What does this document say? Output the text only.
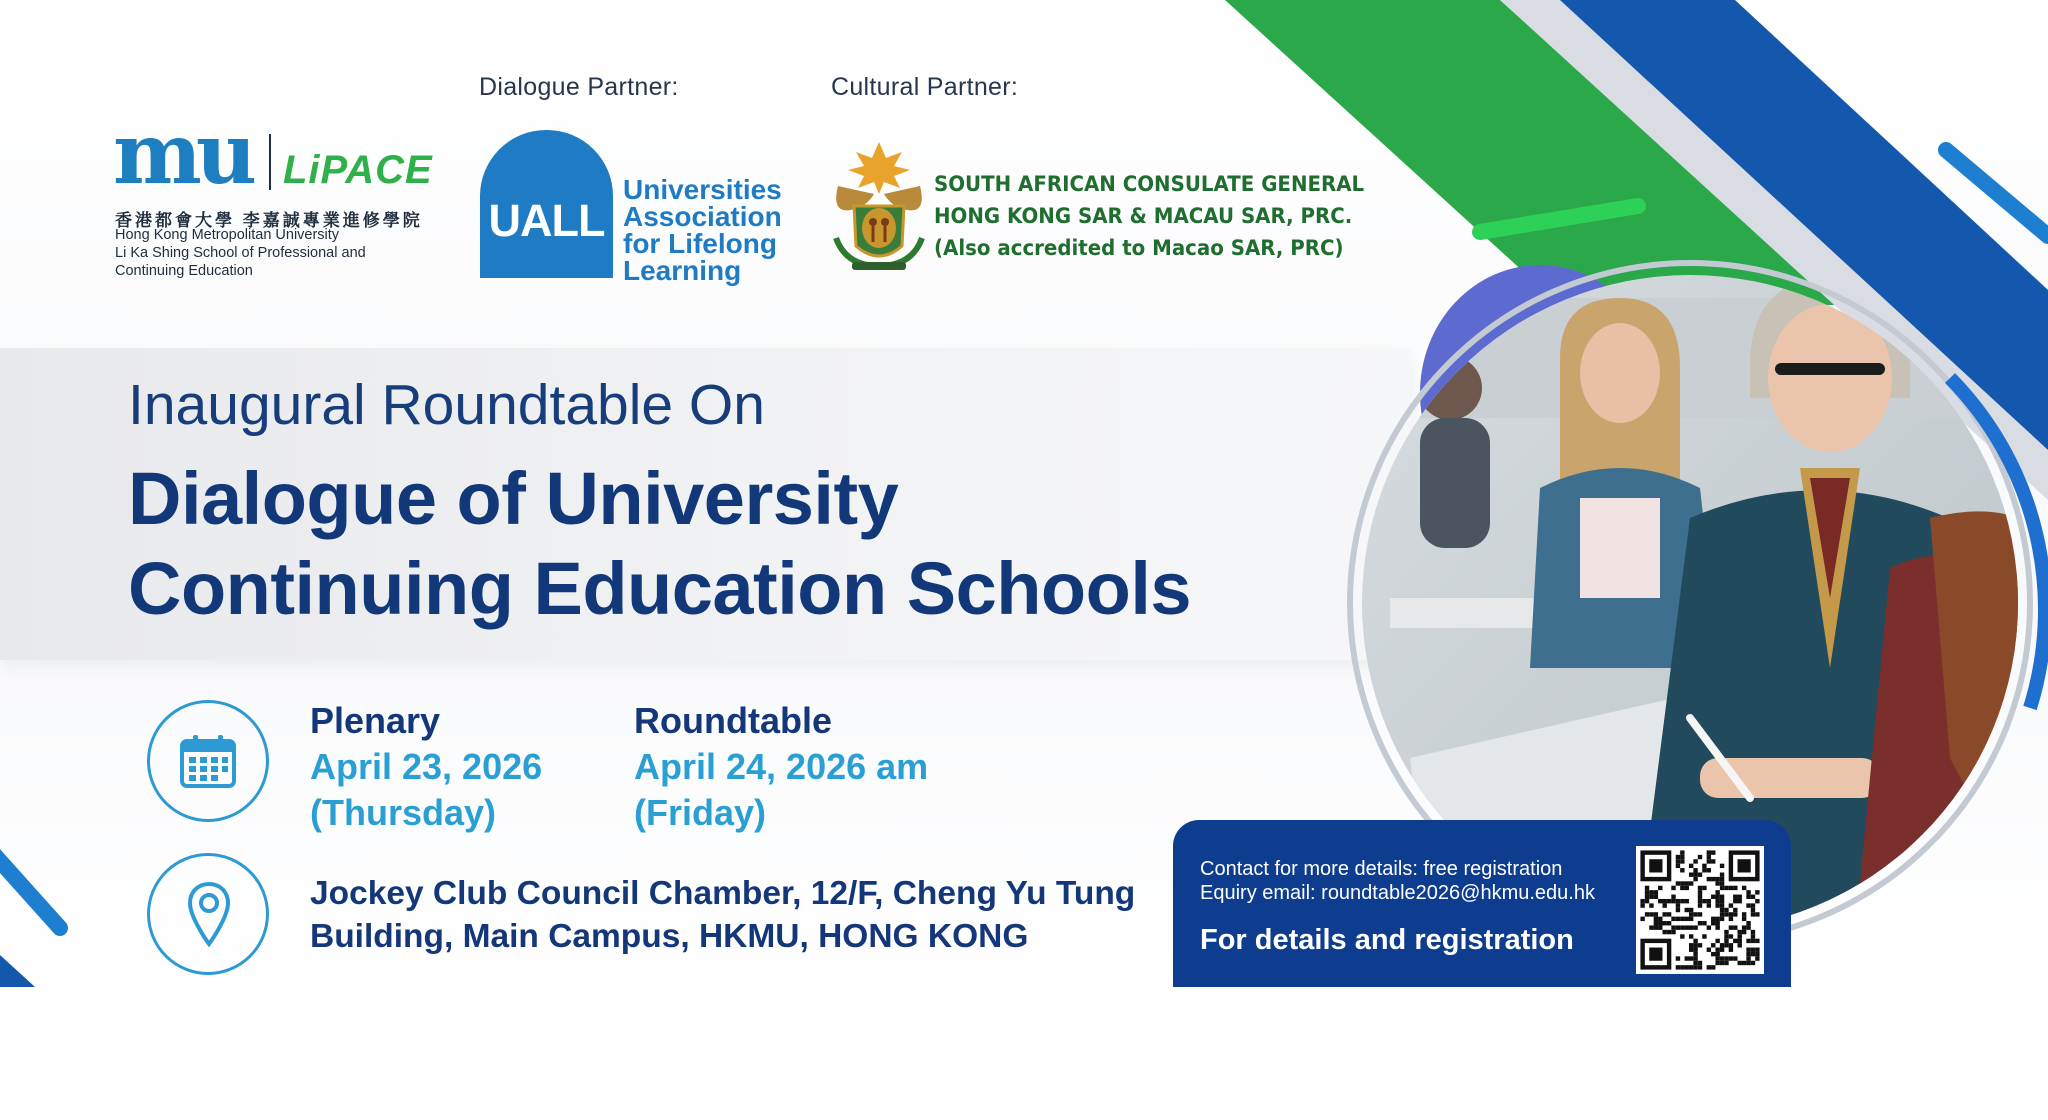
Dialogue Partner:	Cultural Partner:
mu LiPACE
香港都會大學 李嘉誠專業進修學院
Hong Kong Metropolitan University
Li Ka Shing School of Professional and
Continuing Education
UALL
Universities
Association
for Lifelong
Learning
SOUTH AFRICAN CONSULATE GENERAL
HONG KONG SAR & MACAU SAR, PRC.
(Also accredited to Macao SAR, PRC)
Inaugural Roundtable On
Dialogue of University
Continuing Education Schools
Plenary
April 23, 2026
(Thursday)
Roundtable
April 24, 2026 am
(Friday)
Jockey Club Council Chamber, 12/F, Cheng Yu Tung
Building, Main Campus, HKMU, HONG KONG
Contact for more details: free registration
Equiry email: roundtable2026@hkmu.edu.hk
For details and registration
